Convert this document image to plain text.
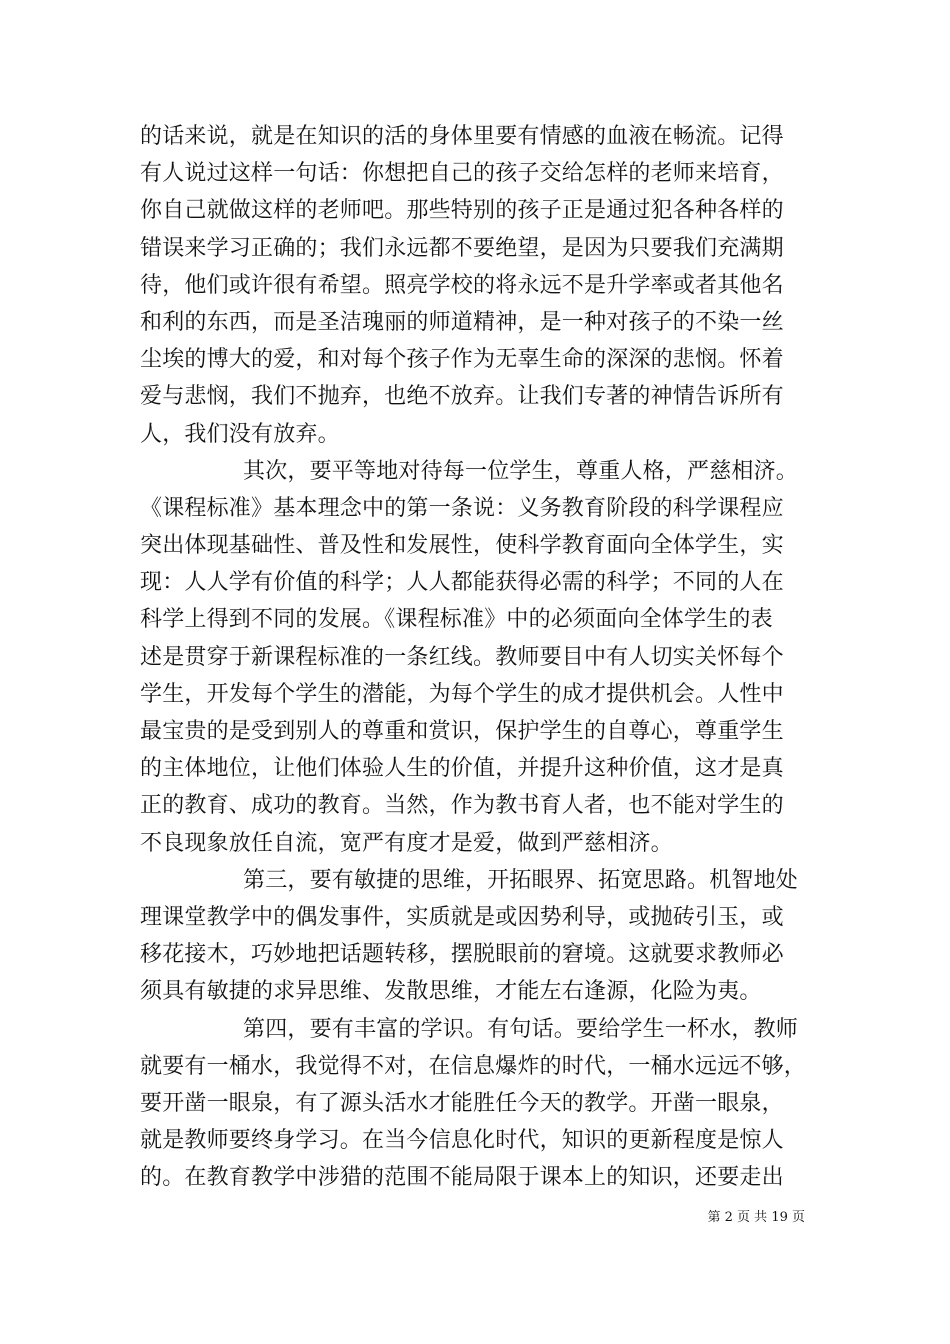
的话来说，就是在知识的活的身体里要有情感的血液在畅流。记得
有人说过这样一句话：你想把自己的孩子交给怎样的老师来培育，
你自己就做这样的老师吧。那些特别的孩子正是通过犯各种各样的
错误来学习正确的；我们永远都不要绝望，是因为只要我们充满期
待，他们或许很有希望。照亮学校的将永远不是升学率或者其他名
和利的东西，而是圣洁瑰丽的师道精神，是一种对孩子的不染一丝
尘埃的博大的爱，和对每个孩子作为无辜生命的深深的悲悯。怀着
爱与悲悯，我们不抛弃，也绝不放弃。让我们专著的神情告诉所有
人，我们没有放弃。
其次，要平等地对待每一位学生，尊重人格，严慈相济。
《课程标准》基本理念中的第一条说：义务教育阶段的科学课程应
突出体现基础性、普及性和发展性，使科学教育面向全体学生，实
现：人人学有价值的科学；人人都能获得必需的科学；不同的人在
科学上得到不同的发展。《课程标准》中的必须面向全体学生的表
述是贯穿于新课程标准的一条红线。教师要目中有人切实关怀每个
学生，开发每个学生的潜能，为每个学生的成才提供机会。人性中
最宝贵的是受到别人的尊重和赏识，保护学生的自尊心，尊重学生
的主体地位，让他们体验人生的价值，并提升这种价值，这才是真
正的教育、成功的教育。当然，作为教书育人者，也不能对学生的
不良现象放任自流，宽严有度才是爱，做到严慈相济。
第三，要有敏捷的思维，开拓眼界、拓宽思路。机智地处
理课堂教学中的偶发事件，实质就是或因势利导，或抛砖引玉，或
移花接木，巧妙地把话题转移，摆脱眼前的窘境。这就要求教师必
须具有敏捷的求异思维、发散思维，才能左右逢源，化险为夷。
第四，要有丰富的学识。有句话。要给学生一杯水，教师
就要有一桶水，我觉得不对，在信息爆炸的时代，一桶水远远不够，
要开凿一眼泉，有了源头活水才能胜任今天的教学。开凿一眼泉，
就是教师要终身学习。在当今信息化时代，知识的更新程度是惊人
的。在教育教学中涉猎的范围不能局限于课本上的知识，还要走出
第 2 页 共 19 页
